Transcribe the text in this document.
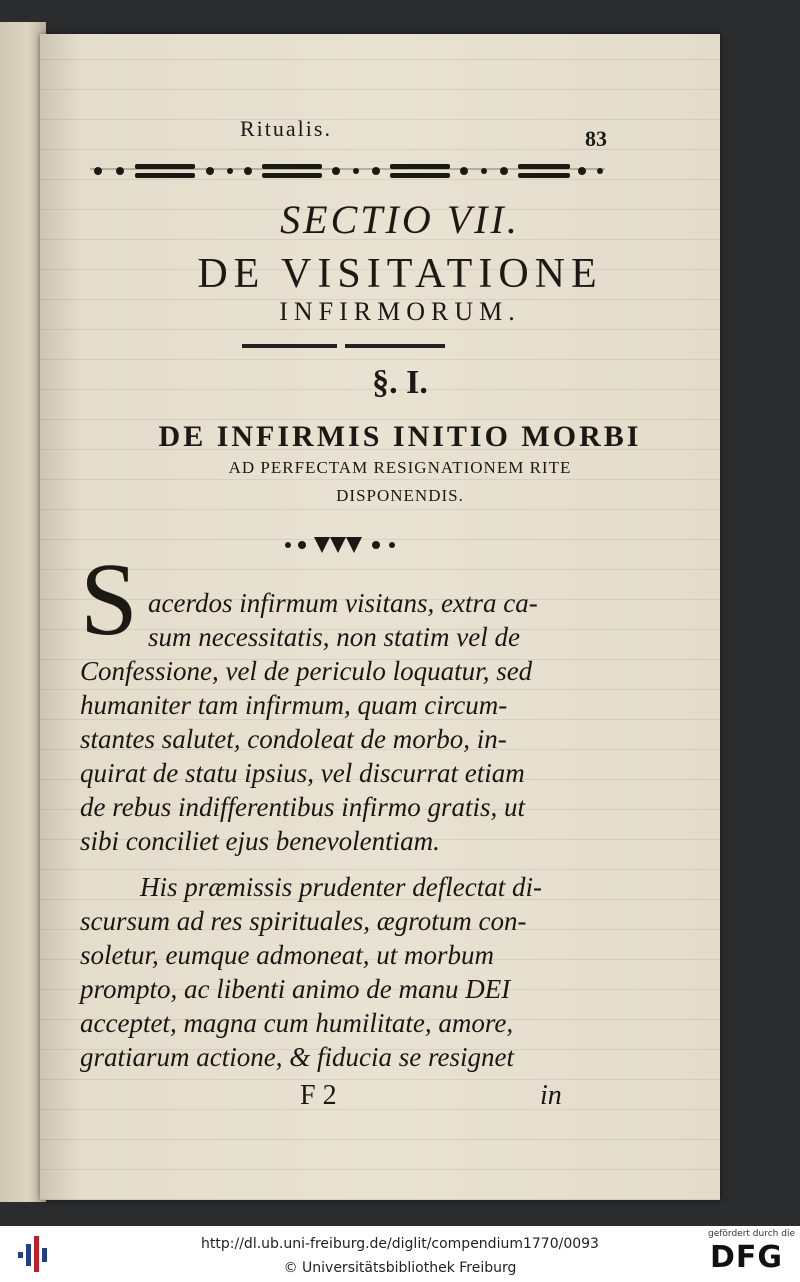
Ritualis.	83
SECTIO VII.
DE VISITATIONE
INFIRMORUM.
§. I.
DE INFIRMIS INITIO MORBI
AD PERFECTAM RESIGNATIONEM RITE
DISPONENDIS.
S acerdos infirmum visitans, extra ca-
sum necessitatis, non statim vel de
Confessione, vel de periculo loquatur, sed
humaniter tam infirmum, quam circum-
stantes salutet, condoleat de morbo, in-
quirat de statu ipsius, vel discurrat etiam
de rebus indifferentibus infirmo gratis, ut
sibi conciliet ejus benevolentiam.
His præmissis prudenter deflectat di-
scursum ad res spirituales, ægrotum con-
soletur, eumque admoneat, ut morbum
prompto, ac libenti animo de manu DEI
acceptet, magna cum humilitate, amore,
gratiarum actione, & fiducia se resignet
F 2	in
http://dl.ub.uni-freiburg.de/diglit/compendium1770/0093
© Universitätsbibliothek Freiburg
gefördert durch die
DFG
